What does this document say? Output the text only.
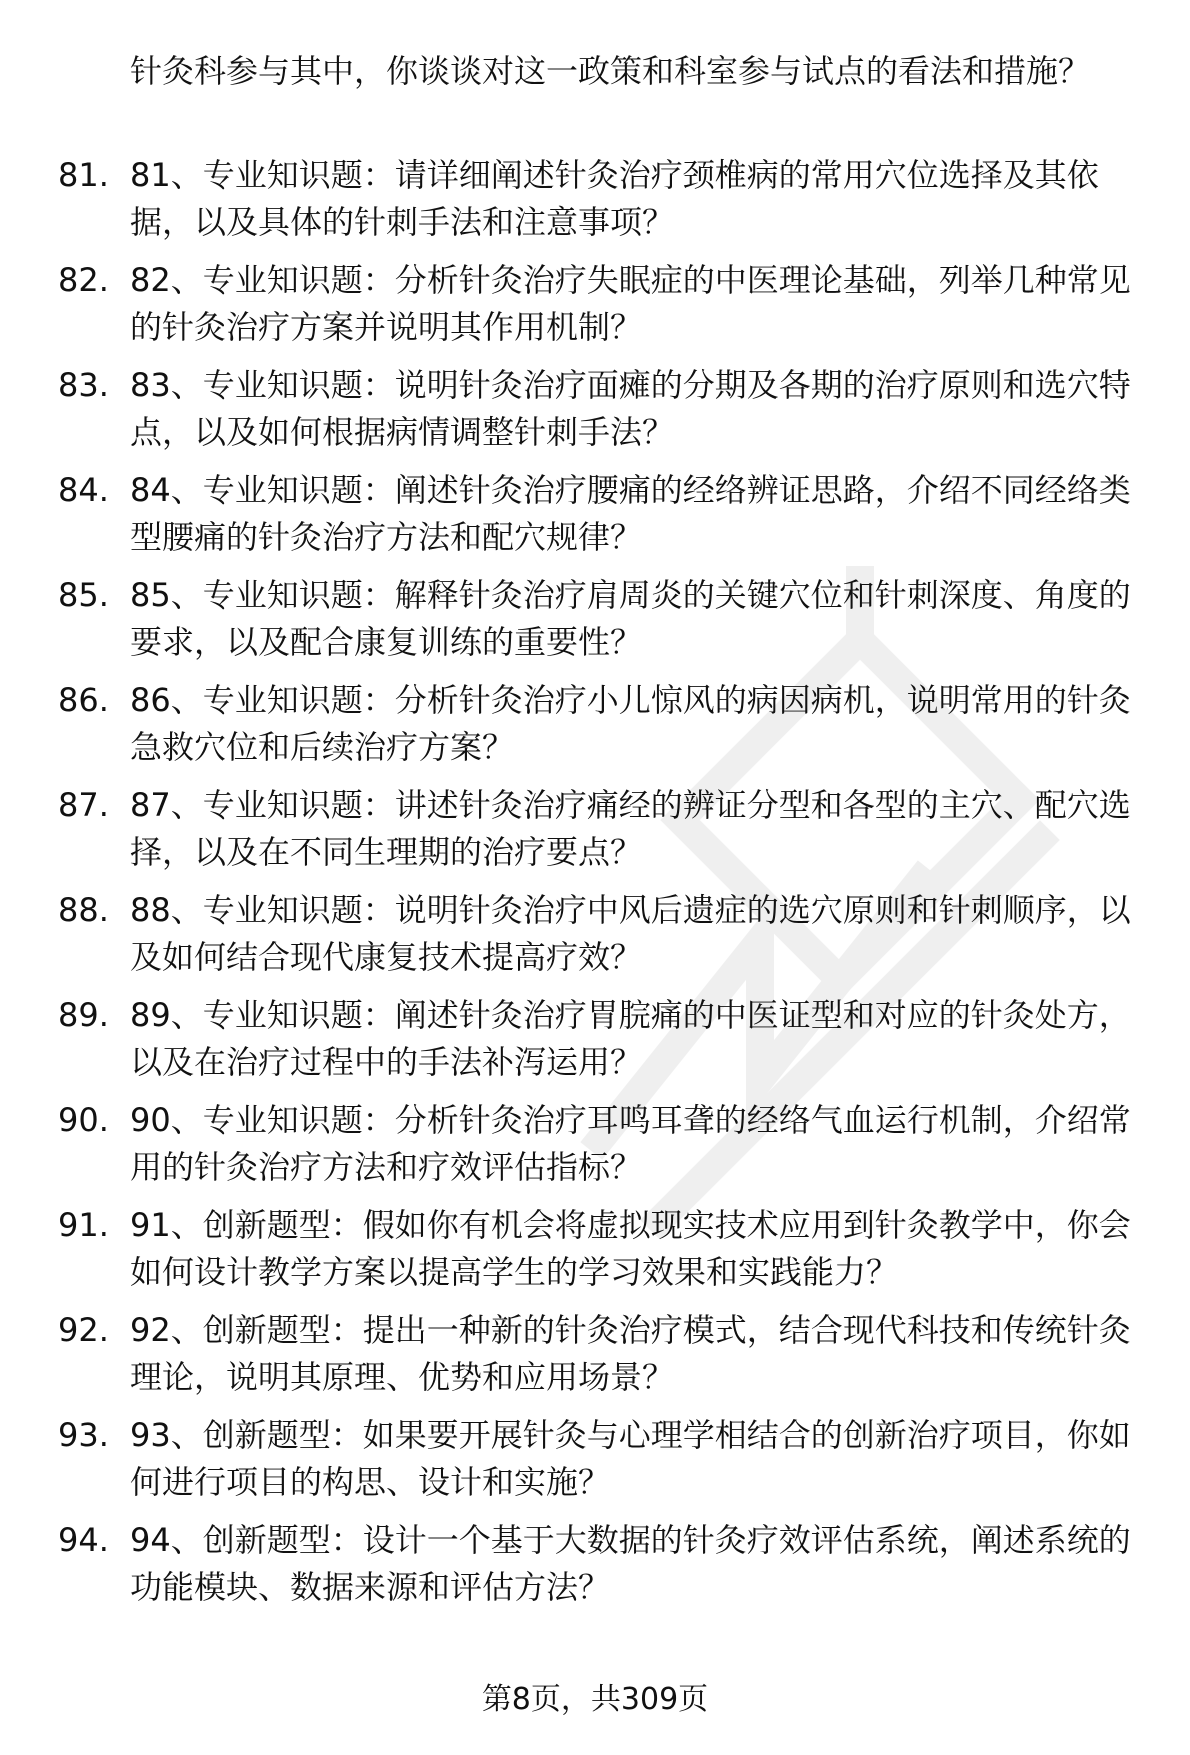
针灸科参与其中，你谈谈对这一政策和科室参与试点的看法和措施？
81. 81、专业知识题：请详细阐述针灸治疗颈椎病的常用穴位选择及其依据，以及具体的针刺手法和注意事项？
82. 82、专业知识题：分析针灸治疗失眠症的中医理论基础，列举几种常见的针灸治疗方案并说明其作用机制？
83. 83、专业知识题：说明针灸治疗面瘫的分期及各期的治疗原则和选穴特点，以及如何根据病情调整针刺手法？
84. 84、专业知识题：阐述针灸治疗腰痛的经络辨证思路，介绍不同经络类型腰痛的针灸治疗方法和配穴规律？
85. 85、专业知识题：解释针灸治疗肩周炎的关键穴位和针刺深度、角度的要求，以及配合康复训练的重要性？
86. 86、专业知识题：分析针灸治疗小儿惊风的病因病机，说明常用的针灸急救穴位和后续治疗方案？
87. 87、专业知识题：讲述针灸治疗痛经的辨证分型和各型的主穴、配穴选择，以及在不同生理期的治疗要点？
88. 88、专业知识题：说明针灸治疗中风后遗症的选穴原则和针刺顺序，以及如何结合现代康复技术提高疗效？
89. 89、专业知识题：阐述针灸治疗胃脘痛的中医证型和对应的针灸处方，以及在治疗过程中的手法补泻运用？
90. 90、专业知识题：分析针灸治疗耳鸣耳聋的经络气血运行机制，介绍常用的针灸治疗方法和疗效评估指标？
91. 91、创新题型：假如你有机会将虚拟现实技术应用到针灸教学中，你会如何设计教学方案以提高学生的学习效果和实践能力？
92. 92、创新题型：提出一种新的针灸治疗模式，结合现代科技和传统针灸理论，说明其原理、优势和应用场景？
93. 93、创新题型：如果要开展针灸与心理学相结合的创新治疗项目，你如何进行项目的构思、设计和实施？
94. 94、创新题型：设计一个基于大数据的针灸疗效评估系统，阐述系统的功能模块、数据来源和评估方法？
第8页，共309页
